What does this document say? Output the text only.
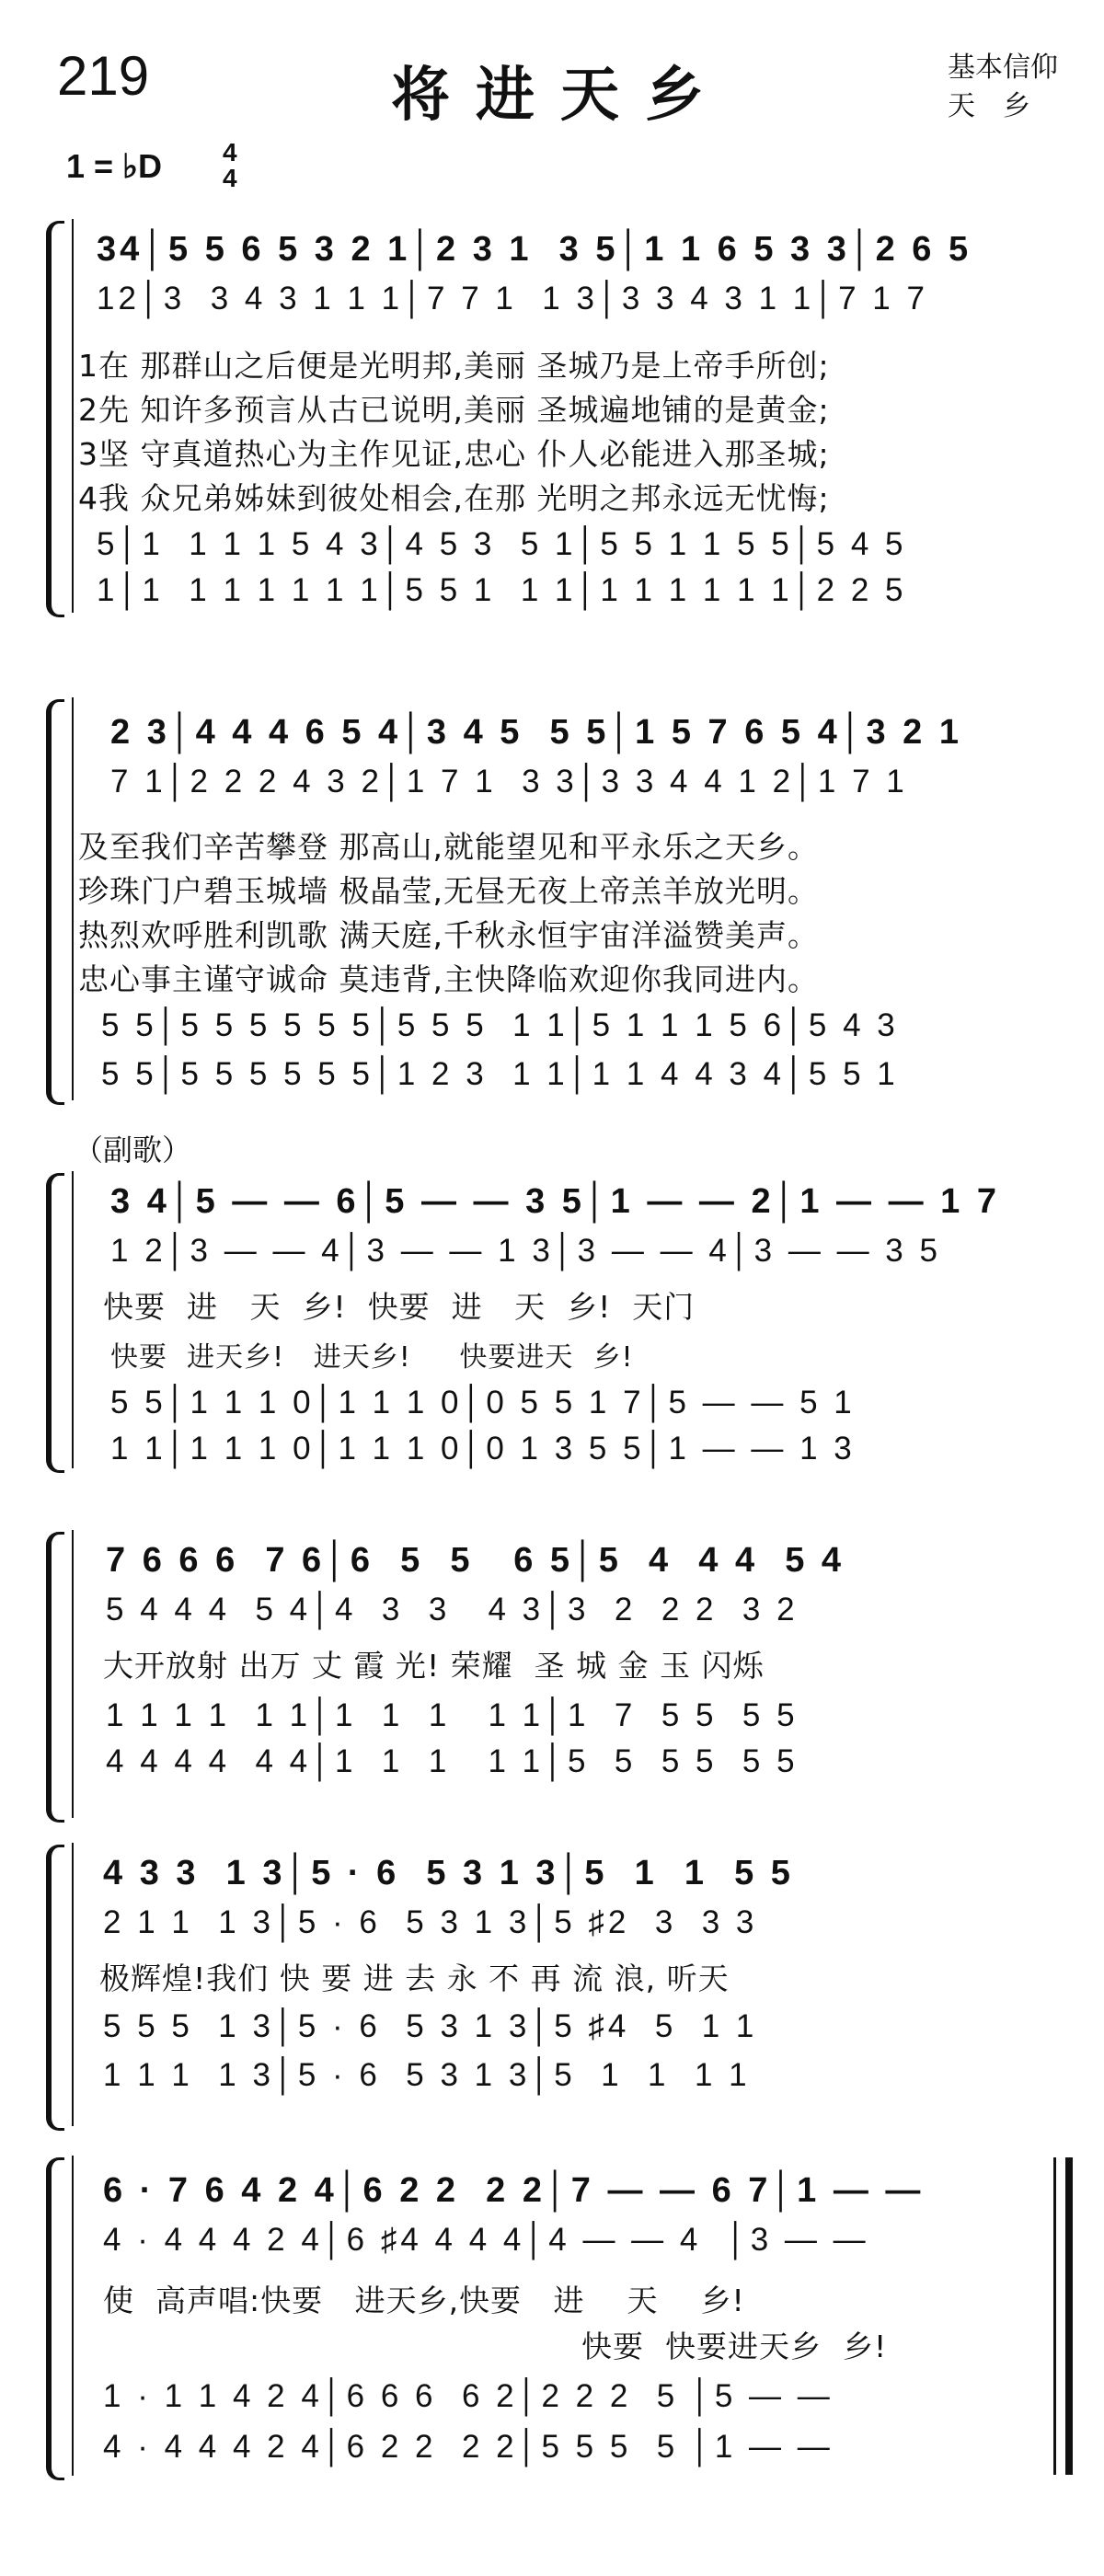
219	将进天乡	基本信仰
天　乡
1 = ♭D 4
4
34│5 5 6 5 3 2 1│2 3 1  3 5│1 1 6 5 3 3│2 6 5
12│3  3 4 3 1 1 1│7 7 1  1 3│3 3 4 3 1 1│7 1 7
1在 那群山之后便是光明邦,美丽 圣城乃是上帝手所创;
2先 知许多预言从古已说明,美丽 圣城遍地铺的是黄金;
3坚 守真道热心为主作见证,忠心 仆人必能进入那圣城;
4我 众兄弟姊妹到彼处相会,在那 光明之邦永远无忧悔;
5│1  1 1 1 5 4 3│4 5 3  5 1│5 5 1 1 5 5│5 4 5
1│1  1 1 1 1 1 1│5 5 1  1 1│1 1 1 1 1 1│2 2 5
2 3│4 4 4 6 5 4│3 4 5  5 5│1 5 7 6 5 4│3 2 1
7 1│2 2 2 4 3 2│1 7 1  3 3│3 3 4 4 1 2│1 7 1
及至我们辛苦攀登 那高山,就能望见和平永乐之天乡。
珍珠门户碧玉城墙 极晶莹,无昼无夜上帝羔羊放光明。
热烈欢呼胜利凯歌 满天庭,千秋永恒宇宙洋溢赞美声。
忠心事主谨守诚命 莫违背,主快降临欢迎你我同进内。
5 5│5 5 5 5 5 5│5 5 5  1 1│5 1 1 1 5 6│5 4 3
5 5│5 5 5 5 5 5│1 2 3  1 1│1 1 4 4 3 4│5 5 1
（副歌）
3 4│5 — — 6│5 — — 3 5│1 — — 2│1 — — 1 7
1 2│3 — — 4│3 — — 1 3│3 — — 4│3 — — 3 5
快要  进   天  乡!  快要  进   天  乡!  天门
快要  进天乡!   进天乡!     快要进天  乡!
5 5│1 1 1 0│1 1 1 0│0 5 5 1 7│5 — — 5 1
1 1│1 1 1 0│1 1 1 0│0 1 3 5 5│1 — — 1 3
7 6 6 6  7 6│6  5  5   6 5│5  4  4 4  5 4
5 4 4 4  5 4│4  3  3   4 3│3  2  2 2  3 2
大开放射 出万 丈 霞 光! 荣耀  圣 城 金 玉 闪烁
1 1 1 1  1 1│1  1  1   1 1│1  7  5 5  5 5
4 4 4 4  4 4│1  1  1   1 1│5  5  5 5  5 5
4 3 3  1 3│5 · 6  5 3 1 3│5  1  1  5 5
2 1 1  1 3│5 · 6  5 3 1 3│5 ♯2  3  3 3
极辉煌!我们 快 要 进 去 永 不 再 流 浪, 听天
5 5 5  1 3│5 · 6  5 3 1 3│5 ♯4  5  1 1
1 1 1  1 3│5 · 6  5 3 1 3│5  1  1  1 1
6 · 7 6 4 2 4│6 2 2  2 2│7 — — 6 7│1 — —
4 · 4 4 4 2 4│6 ♯4 4 4 4│4 — — 4  │3 — —
使  高声唱:快要   进天乡,快要   进    天    乡!
快要  快要进天乡  乡!
1 · 1 1 4 2 4│6 6 6  6 2│2 2 2  5 │5 — —
4 · 4 4 4 2 4│6 2 2  2 2│5 5 5  5 │1 — —
